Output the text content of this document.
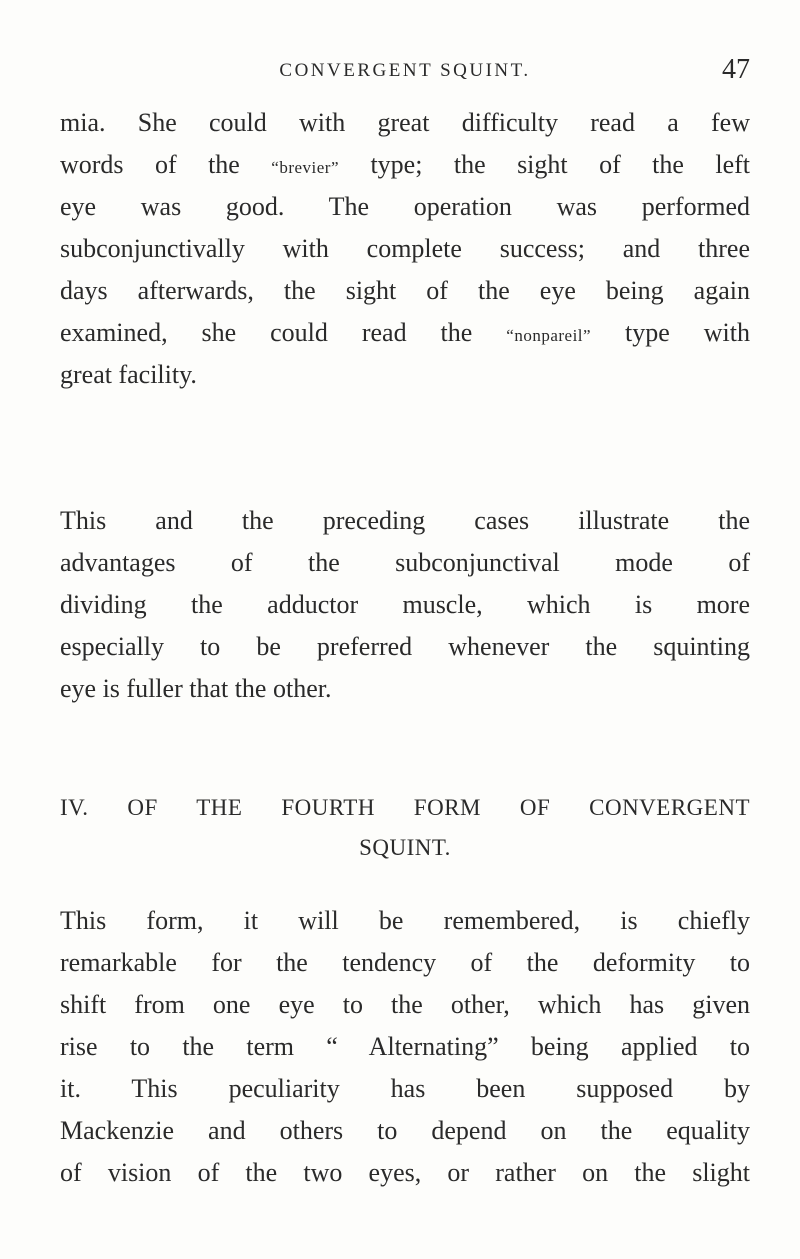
CONVERGENT SQUINT.	47
mia. She could with great difficulty read a few
words of the “brevier” type; the sight of the left
eye was good. The operation was performed
subconjunctivally with complete success; and three
days afterwards, the sight of the eye being again
examined, she could read the “nonpareil” type with
great facility.
This and the preceding cases illustrate the
advantages of the subconjunctival mode of
dividing the adductor muscle, which is more
especially to be preferred whenever the squinting
eye is fuller that the other.
IV. OF THE FOURTH FORM OF CONVERGENT
SQUINT.
This form, it will be remembered, is chiefly
remarkable for the tendency of the deformity to
shift from one eye to the other, which has given
rise to the term “ Alternating” being applied to
it. This peculiarity has been supposed by
Mackenzie and others to depend on the equality
of vision of the two eyes, or rather on the slight
